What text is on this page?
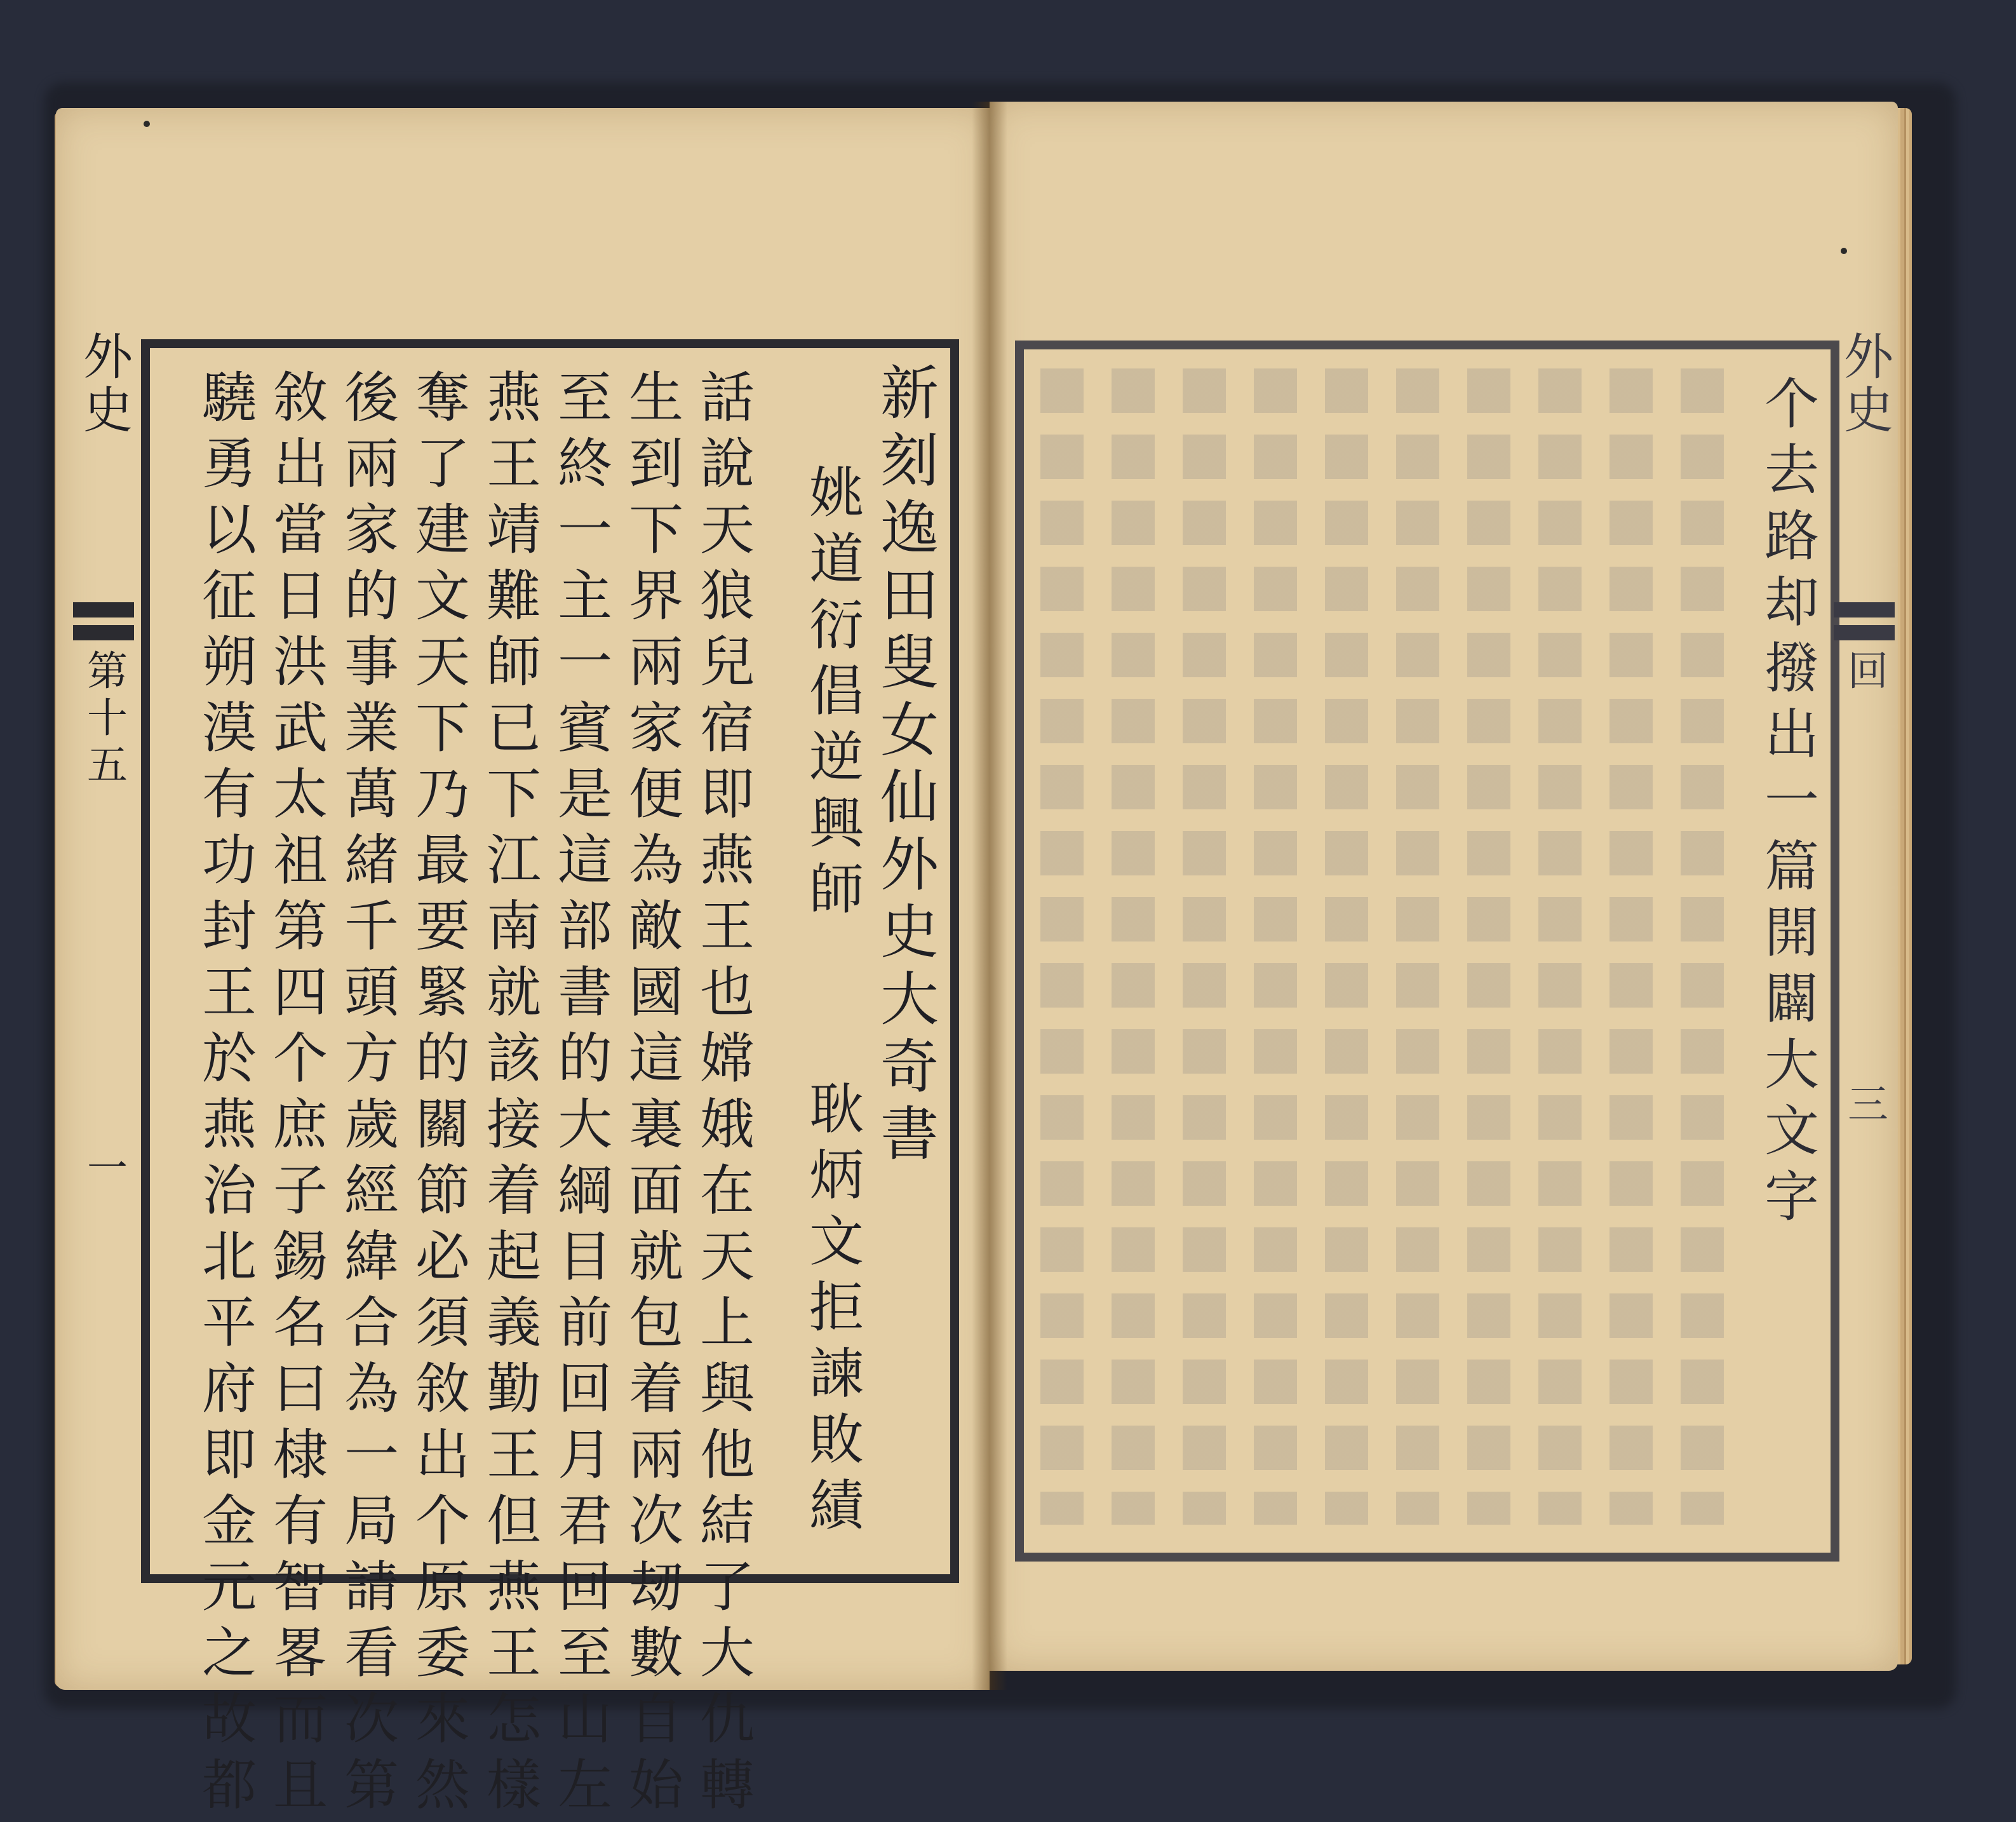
外史
第十五
一
新刻逸田叟女仙外史大奇書
姚道衍倡逆興師
耿炳文拒諫敗績
話說天狼兒宿即燕王也嫦娥在天上與他結了大仇轉
生到下界兩家便為敵國這裏面就包着兩次刼數自始
至終一主一賓是這部書的大綱目前回月君回至山左
燕王靖難師已下江南就該接着起義勤王但燕王怎樣
奪了建文天下乃最要緊的關節必須敘出个原委來然
後兩家的事業萬緒千頭方歲經緯合為一局請看次第
敘出當日洪武太祖第四个庶子錫名曰棣有智畧而且
驍勇以征朔漠有功封王於燕治北平府即金元之故都	外史
回
三
个去路却撥出一篇開闢大文字
